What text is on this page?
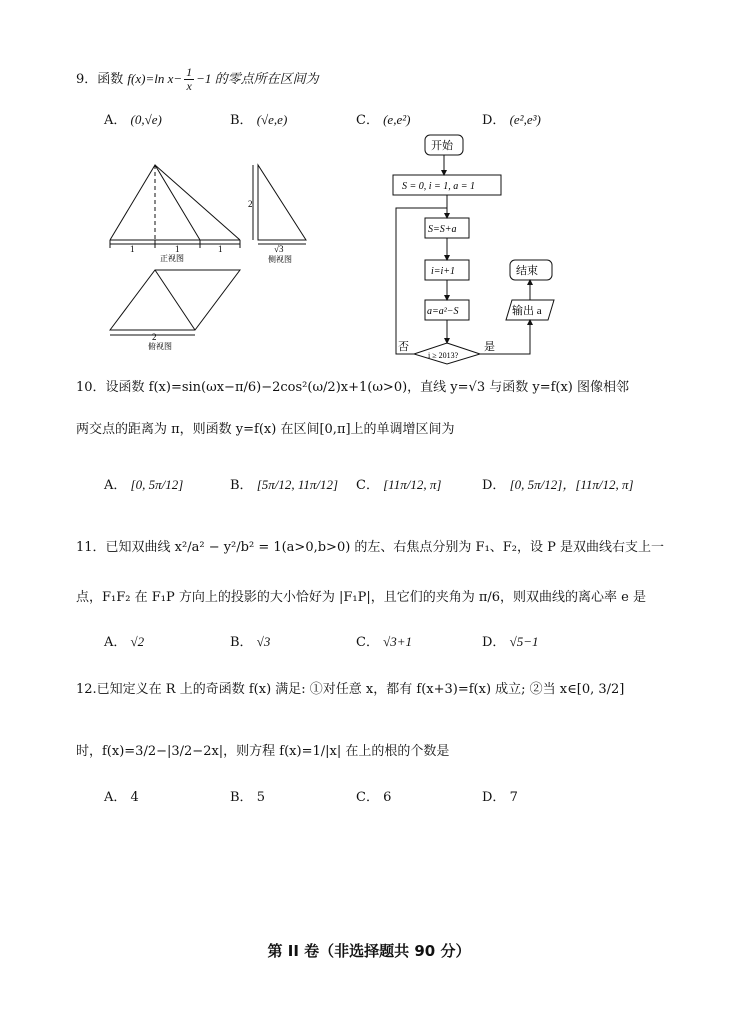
9．函数 f(x)=ln $x- \frac{1}{x} -1$ 的零点所在区间为
A． (0,√e)	B． (√e,e)	C． (e,e²)	D． (e²,e³)
1	1	1
正视图
2
俯视图
2
√3
侧视图
开始
S = 0, i = 1, a = 1
S=S+a
i=i+1
a=a²−S
i ≥ 2013?
否	是
结束
输出 a
10．设函数 f(x)=sin(ωx−π/6)−2cos²(ω/2)x+1(ω>0)，直线 y=√3 与函数 y=f(x) 图像相邻
两交点的距离为 π，则函数 y=f(x) 在区间[0,π]上的单调增区间为
A． [0, 5π/12]	B． [5π/12, 11π/12] C． [11π/12, π]	D． [0, 5π/12]，[11π/12, π]
11．已知双曲线 x²/a² − y²/b² = 1(a>0,b>0) 的左、右焦点分别为 F₁、F₂，设 P 是双曲线右支上一
点，F₁F₂ 在 F₁P 方向上的投影的大小恰好为 |F₁P|，且它们的夹角为 π/6，则双曲线的离心率 e 是
A． √2	B． √3	C． √3+1	D． √5−1
12.已知定义在 R 上的奇函数 f(x) 满足: ①对任意 x，都有 f(x+3)=f(x) 成立; ②当 x∈[0, 3/2]
时，f(x)=3/2−|3/2−2x|，则方程 f(x)=1/|x| 在上的根的个数是
A． 4	B． 5	C． 6	D． 7
第 II 卷（非选择题共 90 分）
